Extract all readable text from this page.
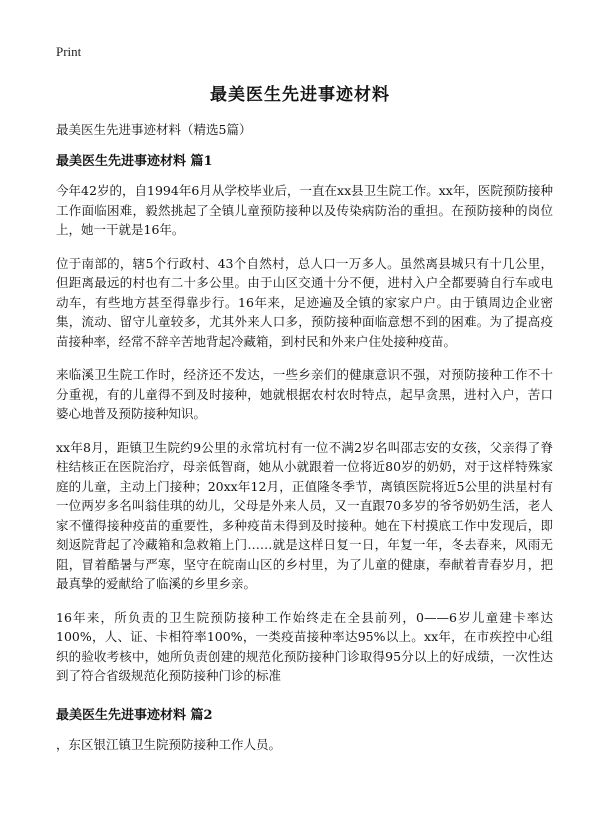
Print
最美医生先进事迹材料

最美医生先进事迹材料（精选5篇）

最美医生先进事迹材料 篇1

今年42岁的，自1994年6月从学校毕业后，一直在xx县卫生院工作。xx年，医院预防接种工作面临困难，毅然挑起了全镇儿童预防接种以及传染病防治的重担。在预防接种的岗位上，她一干就是16年。

位于南部的，辖5个行政村、43个自然村，总人口一万多人。虽然离县城只有十几公里，但距离最远的村也有二十多公里。由于山区交通十分不便，进村入户全都要骑自行车或电动车，有些地方甚至得靠步行。16年来，足迹遍及全镇的家家户户。由于镇周边企业密集，流动、留守儿童较多，尤其外来人口多，预防接种面临意想不到的困难。为了提高疫苗接种率，经常不辞辛苦地背起冷藏箱，到村民和外来户住处接种疫苗。

来临溪卫生院工作时，经济还不发达，一些乡亲们的健康意识不强，对预防接种工作不十分重视，有的儿童得不到及时接种，她就根据农村农时特点，起早贪黑，进村入户，苦口婆心地普及预防接种知识。

xx年8月，距镇卫生院约9公里的永常坑村有一位不满2岁名叫邵志安的女孩，父亲得了脊柱结核正在医院治疗，母亲低智商，她从小就跟着一位将近80岁的奶奶，对于这样特殊家庭的儿童，主动上门接种；20xx年12月，正值隆冬季节，离镇医院将近5公里的洪星村有一位两岁多名叫翁佳琪的幼儿，父母是外来人员，又一直跟70多岁的爷爷奶奶生活，老人家不懂得接种疫苗的重要性，多种疫苗未得到及时接种。她在下村摸底工作中发现后，即刻返院背起了冷藏箱和急救箱上门……就是这样日复一日，年复一年，冬去春来，风雨无阻，冒着酷暑与严寒，坚守在皖南山区的乡村里，为了儿童的健康，奉献着青春岁月，把最真挚的爱献给了临溪的乡里乡亲。

16年来，所负责的卫生院预防接种工作始终走在全县前列，0——6岁儿童建卡率达100%，人、证、卡相符率100%，一类疫苗接种率达95%以上。xx年，在市疾控中心组织的验收考核中，她所负责创建的规范化预防接种门诊取得95分以上的好成绩，一次性达到了符合省级规范化预防接种门诊的标准

最美医生先进事迹材料 篇2

，东区银江镇卫生院预防接种工作人员。
